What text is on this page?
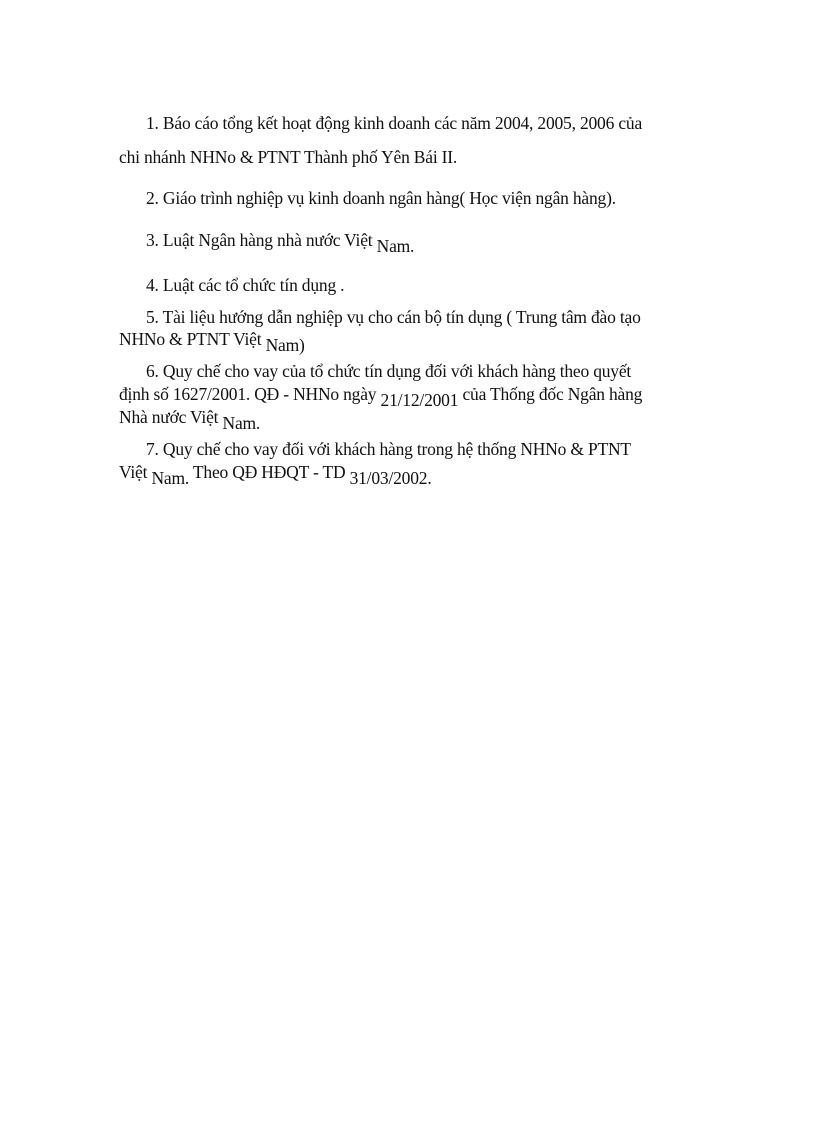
1. Báo cáo tổng kết hoạt động kinh doanh các năm 2004, 2005, 2006 của
chi nhánh NHNo & PTNT Thành phố Yên Bái II.
2. Giáo trình nghiệp vụ kinh doanh ngân hàng( Học viện ngân hàng).
3. Luật Ngân hàng nhà nước Việt Nam.
4. Luật các tổ chức tín dụng .
5. Tài liệu hướng dẫn nghiệp vụ cho cán bộ tín dụng ( Trung tâm đào tạo
NHNo & PTNT Việt Nam)
6. Quy chế cho vay của tổ chức tín dụng đối với khách hàng theo quyết
định số 1627/2001. QĐ - NHNo ngày 21/12/2001 của Thống đốc Ngân hàng
Nhà nước Việt Nam.
7. Quy chế cho vay đối với khách hàng trong hệ thống NHNo & PTNT
Việt Nam. Theo QĐ HĐQT - TD 31/03/2002.
